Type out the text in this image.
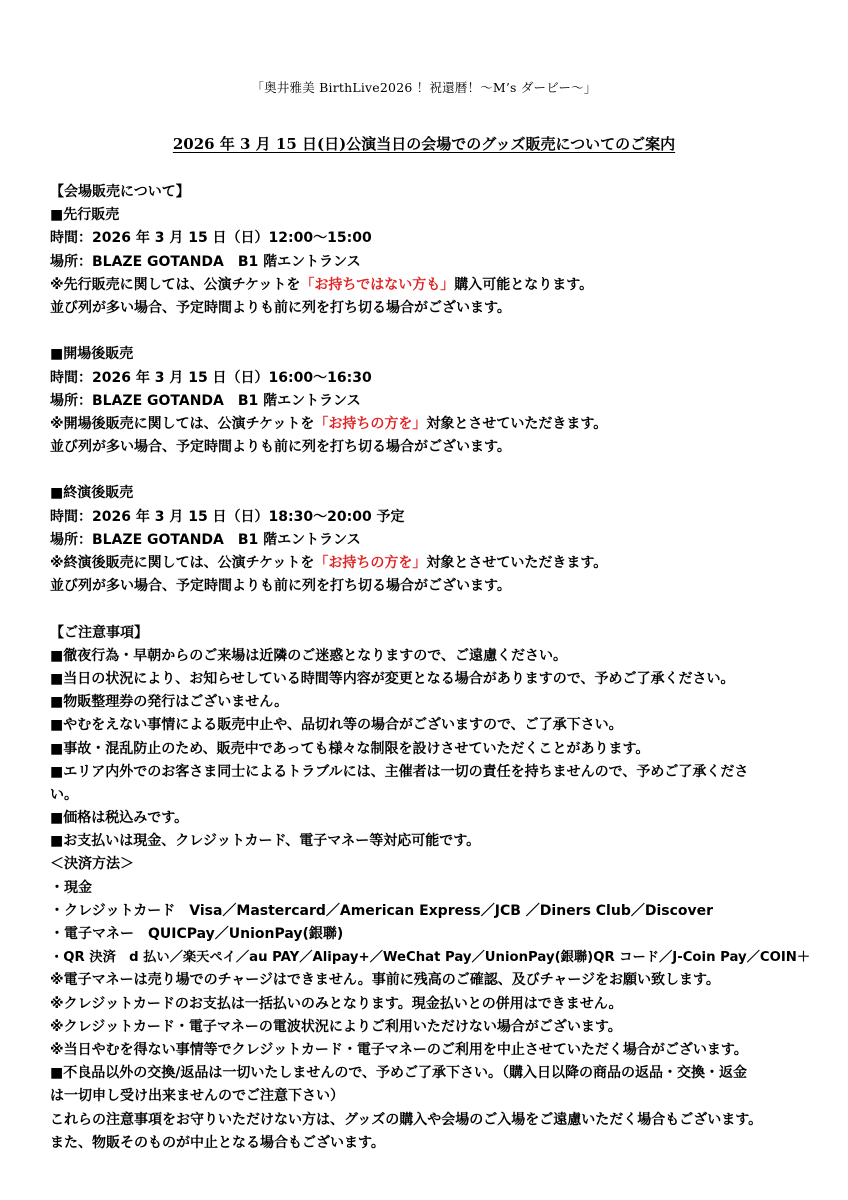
「奥井雅美 BirthLive2026 ！祝還暦！～M’s ダービー～」
2026 年 3 月 15 日(日)公演当日の会場でのグッズ販売についてのご案内
【会場販売について】
■先行販売
時間：2026 年 3 月 15 日（日）12:00～15:00
場所：BLAZE GOTANDA　B1 階エントランス
※先行販売に関しては、公演チケットを「お持ちではない方も」購入可能となります。
並び列が多い場合、予定時間よりも前に列を打ち切る場合がございます。
■開場後販売
時間：2026 年 3 月 15 日（日）16:00～16:30
場所：BLAZE GOTANDA　B1 階エントランス
※開場後販売に関しては、公演チケットを「お持ちの方を」対象とさせていただきます。
並び列が多い場合、予定時間よりも前に列を打ち切る場合がございます。
■終演後販売
時間：2026 年 3 月 15 日（日）18:30～20:00 予定
場所：BLAZE GOTANDA　B1 階エントランス
※終演後販売に関しては、公演チケットを「お持ちの方を」対象とさせていただきます。
並び列が多い場合、予定時間よりも前に列を打ち切る場合がございます。
【ご注意事項】
■徹夜行為・早朝からのご来場は近隣のご迷惑となりますので、ご遠慮ください。
■当日の状況により、お知らせしている時間等内容が変更となる場合がありますので、予めご了承ください。
■物販整理券の発行はございません。
■やむをえない事情による販売中止や、品切れ等の場合がございますので、ご了承下さい。
■事故・混乱防止のため、販売中であっても様々な制限を設けさせていただくことがあります。
■エリア内外でのお客さま同士によるトラブルには、主催者は一切の責任を持ちませんので、予めご了承くださ
い。
■価格は税込みです。
■お支払いは現金、クレジットカード、電子マネー等対応可能です。
＜決済方法＞
・現金
・クレジットカード　Visa／Mastercard／American Express／JCB ／Diners Club／Discover
・電子マネー　QUICPay／UnionPay(銀聯)
・QR 決済　d 払い／楽天ペイ／au PAY／Alipay+／WeChat Pay／UnionPay(銀聯)QR コード／J-Coin Pay／COIN＋
※電子マネーは売り場でのチャージはできません。事前に残高のご確認、及びチャージをお願い致します。
※クレジットカードのお支払は一括払いのみとなります。現金払いとの併用はできません。
※クレジットカード・電子マネーの電波状況によりご利用いただけない場合がございます。
※当日やむを得ない事情等でクレジットカード・電子マネーのご利用を中止させていただく場合がございます。
■不良品以外の交換/返品は一切いたしませんので、予めご了承下さい。（購入日以降の商品の返品・交換・返金
は一切申し受け出来ませんのでご注意下さい）
これらの注意事項をお守りいただけない方は、グッズの購入や会場のご入場をご遠慮いただく場合もございます。
また、物販そのものが中止となる場合もございます。
